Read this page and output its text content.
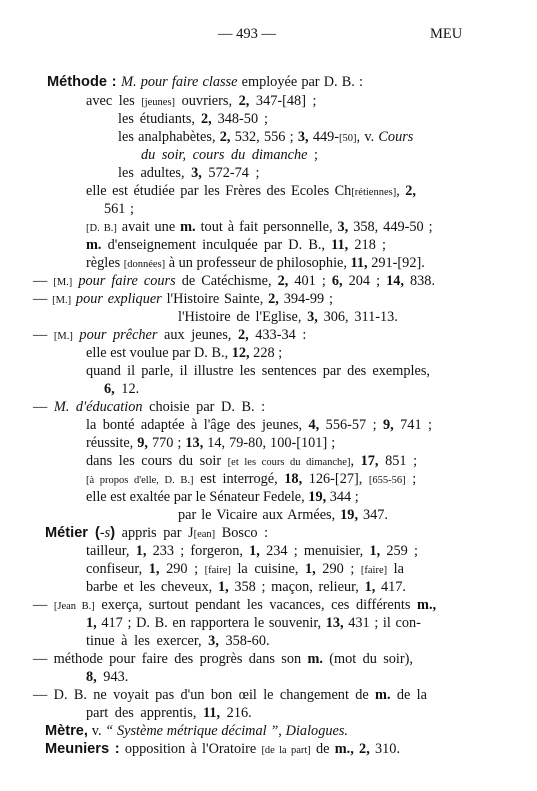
— 493 —	MEU
Méthode : M. pour faire classe employée par D. B. :
avec les [jeunes] ouvriers, 2, 347-[48] ;
les étudiants, 2, 348-50 ;
les analphabètes, 2, 532, 556 ; 3, 449-[50], v. Cours
du soir, cours du dimanche ;
les adultes, 3, 572-74 ;
elle est étudiée par les Frères des Ecoles Ch[rétiennes], 2,
561 ;
[D. B.] avait une m. tout à fait personnelle, 3, 358, 449-50 ;
m. d'enseignement inculquée par D. B., 11, 218 ;
règles [données] à un professeur de philosophie, 11, 291-[92].
— [M.] pour faire cours de Catéchisme, 2, 401 ; 6, 204 ; 14, 838.
— [M.] pour expliquer l'Histoire Sainte, 2, 394-99 ;
l'Histoire de l'Eglise, 3, 306, 311-13.
— [M.] pour prêcher aux jeunes, 2, 433-34 :
elle est voulue par D. B., 12, 228 ;
quand il parle, il illustre les sentences par des exemples,
6, 12.
— M. d'éducation choisie par D. B. :
la bonté adaptée à l'âge des jeunes, 4, 556-57 ; 9, 741 ;
réussite, 9, 770 ; 13, 14, 79-80, 100-[101] ;
dans les cours du soir [et les cours du dimanche], 17, 851 ;
[à propos d'elle, D. B.] est interrogé, 18, 126-[27], [655-56] ;
elle est exaltée par le Sénateur Fedele, 19, 344 ;
par le Vicaire aux Armées, 19, 347.
Métier (-s) appris par J[ean] Bosco :
tailleur, 1, 233 ; forgeron, 1, 234 ; menuisier, 1, 259 ;
confiseur, 1, 290 ; [faire] la cuisine, 1, 290 ; [faire] la
barbe et les cheveux, 1, 358 ; maçon, relieur, 1, 417.
— [Jean B.] exerça, surtout pendant les vacances, ces différents m.,
1, 417 ; D. B. en rapportera le souvenir, 13, 431 ; il con-
tinue à les exercer, 3, 358-60.
— méthode pour faire des progrès dans son m. (mot du soir),
8, 943.
— D. B. ne voyait pas d'un bon œil le changement de m. de la
part des apprentis, 11, 216.
Mètre, v. “ Système métrique décimal ”, Dialogues.
Meuniers : opposition à l'Oratoire [de la part] de m., 2, 310.
